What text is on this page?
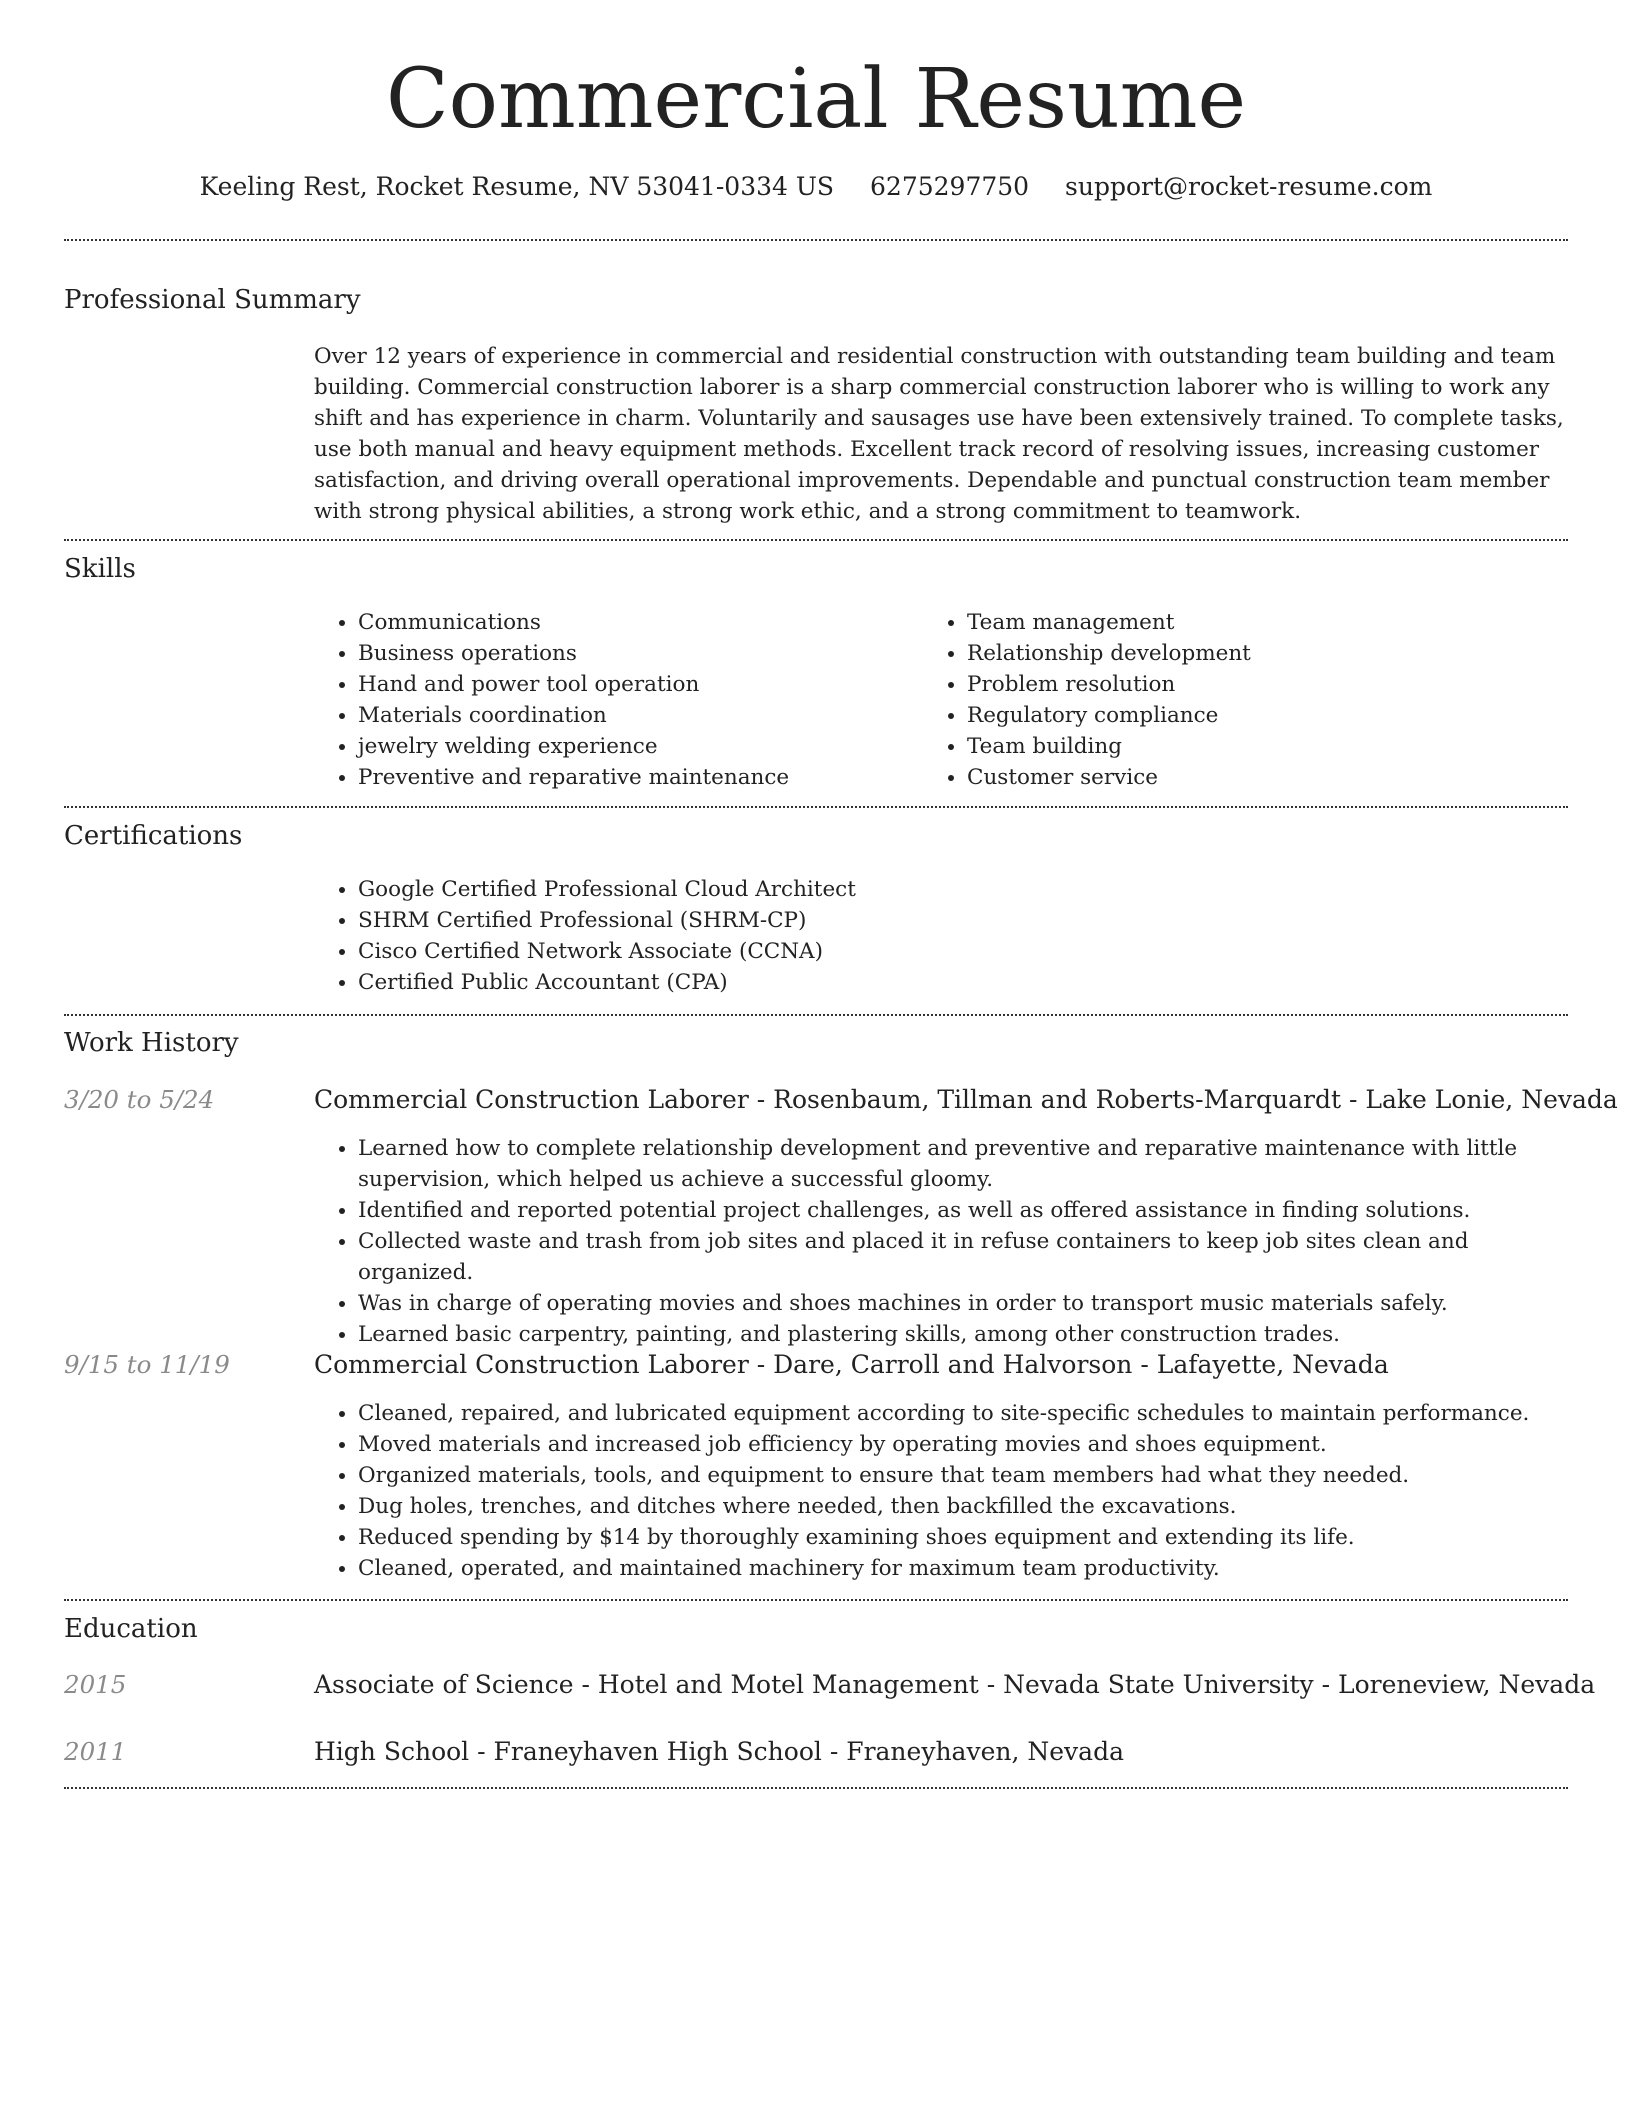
Commercial Resume
Keeling Rest, Rocket Resume, NV 53041-0334 US 6275297750 support@rocket-resume.com
Professional Summary
Over 12 years of experience in commercial and residential construction with outstanding team building and team building. Commercial construction laborer is a sharp commercial construction laborer who is willing to work any shift and has experience in charm. Voluntarily and sausages use have been extensively trained. To complete tasks, use both manual and heavy equipment methods. Excellent track record of resolving issues, increasing customer satisfaction, and driving overall operational improvements. Dependable and punctual construction team member with strong physical abilities, a strong work ethic, and a strong commitment to teamwork.
Skills
• Communications
• Business operations
• Hand and power tool operation
• Materials coordination
• jewelry welding experience
• Preventive and reparative maintenance
• Team management
• Relationship development
• Problem resolution
• Regulatory compliance
• Team building
• Customer service
Certifications
• Google Certified Professional Cloud Architect
• SHRM Certified Professional (SHRM-CP)
• Cisco Certified Network Associate (CCNA)
• Certified Public Accountant (CPA)
Work History
3/20 to 5/24	Commercial Construction Laborer - Rosenbaum, Tillman and Roberts-Marquardt - Lake Lonie, Nevada
• Learned how to complete relationship development and preventive and reparative maintenance with little supervision, which helped us achieve a successful gloomy.
• Identified and reported potential project challenges, as well as offered assistance in finding solutions.
• Collected waste and trash from job sites and placed it in refuse containers to keep job sites clean and organized.
• Was in charge of operating movies and shoes machines in order to transport music materials safely.
• Learned basic carpentry, painting, and plastering skills, among other construction trades.
9/15 to 11/19	Commercial Construction Laborer - Dare, Carroll and Halvorson - Lafayette, Nevada
• Cleaned, repaired, and lubricated equipment according to site-specific schedules to maintain performance.
• Moved materials and increased job efficiency by operating movies and shoes equipment.
• Organized materials, tools, and equipment to ensure that team members had what they needed.
• Dug holes, trenches, and ditches where needed, then backfilled the excavations.
• Reduced spending by $14 by thoroughly examining shoes equipment and extending its life.
• Cleaned, operated, and maintained machinery for maximum team productivity.
Education
2015	Associate of Science - Hotel and Motel Management - Nevada State University - Loreneview, Nevada
2011	High School - Franeyhaven High School - Franeyhaven, Nevada
